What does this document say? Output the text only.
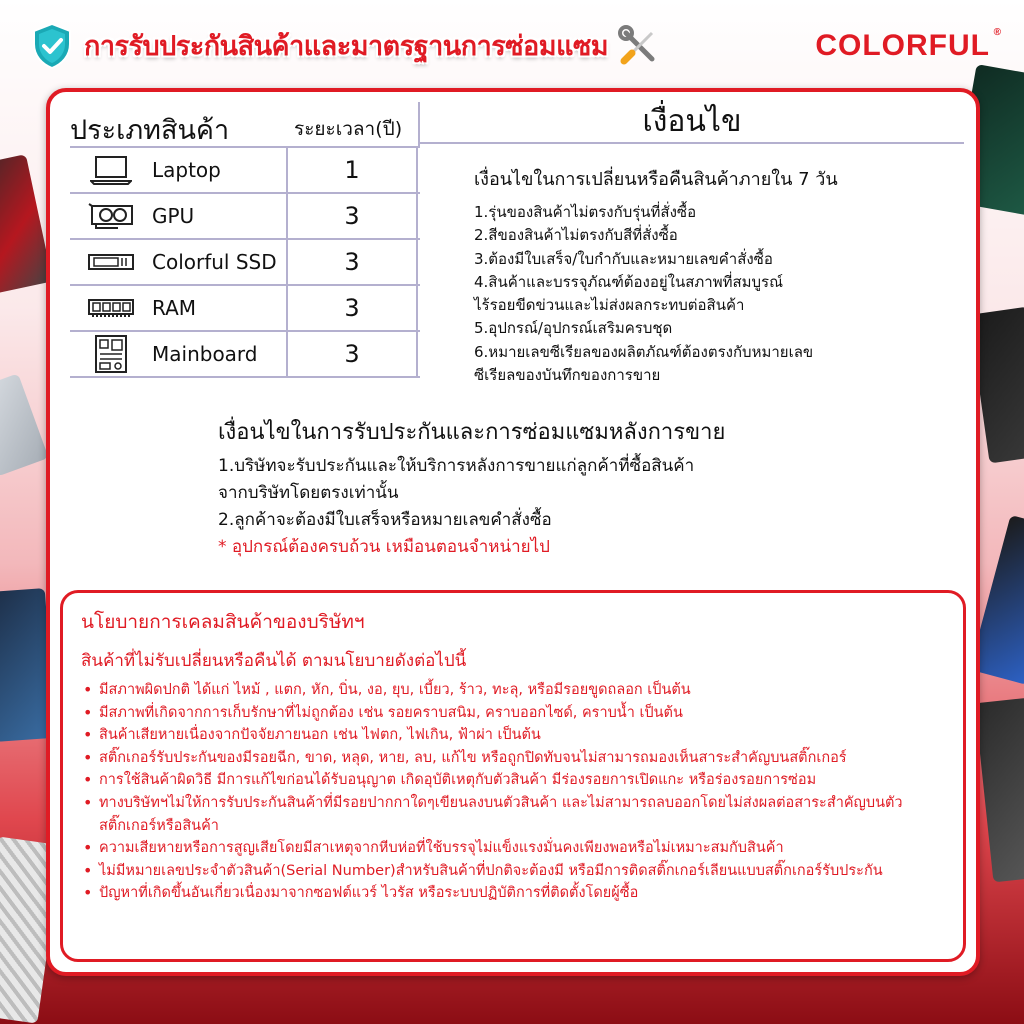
การรับประกันสินค้าและมาตรฐานการซ่อมแซม	COLORFUL ®
ประเภทสินค้า	ระยะเวลา(ปี)
Laptop	1
GPU	3
Colorful SSD	3
RAM	3
Mainboard	3
เงื่อนไข
เงื่อนไขในการเปลี่ยนหรือคืนสินค้าภายใน 7 วัน
1.รุ่นของสินค้าไม่ตรงกับรุ่นที่สั่งซื้อ
2.สีของสินค้าไม่ตรงกับสีที่สั่งซื้อ
3.ต้องมีใบเสร็จ/ใบกำกับและหมายเลขคำสั่งซื้อ
4.สินค้าและบรรจุภัณฑ์ต้องอยู่ในสภาพที่สมบูรณ์
ไร้รอยขีดข่วนและไม่ส่งผลกระทบต่อสินค้า
5.อุปกรณ์/อุปกรณ์เสริมครบชุด
6.หมายเลขซีเรียลของผลิตภัณฑ์ต้องตรงกับหมายเลข
ซีเรียลของบันทึกของการขาย
เงื่อนไขในการรับประกันและการซ่อมแซมหลังการขาย
1.บริษัทจะรับประกันและให้บริการหลังการขายแก่ลูกค้าที่ซื้อสินค้า
จากบริษัทโดยตรงเท่านั้น
2.ลูกค้าจะต้องมีใบเสร็จหรือหมายเลขคำสั่งซื้อ
* อุปกรณ์ต้องครบถ้วน เหมือนตอนจำหน่ายไป
นโยบายการเคลมสินค้าของบริษัทฯ
สินค้าที่ไม่รับเปลี่ยนหรือคืนได้ ตามนโยบายดังต่อไปนี้
• มีสภาพผิดปกติ ได้แก่ ไหม้ , แตก, หัก, บิ่น, งอ, ยุบ, เบี้ยว, ร้าว, ทะลุ, หรือมีรอยขูดถลอก เป็นต้น
• มีสภาพที่เกิดจากการเก็บรักษาที่ไม่ถูกต้อง เช่น รอยคราบสนิม, คราบออกไซด์, คราบน้ำ เป็นต้น
• สินค้าเสียหายเนื่องจากปัจจัยภายนอก เช่น ไฟตก, ไฟเกิน, ฟ้าผ่า เป็นต้น
• สติ๊กเกอร์รับประกันของมีรอยฉีก, ขาด, หลุด, หาย, ลบ, แก้ไข หรือถูกปิดทับจนไม่สามารถมองเห็นสาระสำคัญบนสติ๊กเกอร์
• การใช้สินค้าผิดวิธี มีการแก้ไขก่อนได้รับอนุญาต เกิดอุบัติเหตุกับตัวสินค้า มีร่องรอยการเปิดแกะ หรือร่องรอยการซ่อม
• ทางบริษัทฯไม่ให้การรับประกันสินค้าที่มีรอยปากกาใดๆเขียนลงบนตัวสินค้า และไม่สามารถลบออกโดยไม่ส่งผลต่อสาระสำคัญบนตัวสติ๊กเกอร์หรือสินค้า
• ความเสียหายหรือการสูญเสียโดยมีสาเหตุจากหีบห่อที่ใช้บรรจุไม่แข็งแรงมั่นคงเพียงพอหรือไม่เหมาะสมกับสินค้า
• ไม่มีหมายเลขประจำตัวสินค้า(Serial Number)สำหรับสินค้าที่ปกติจะต้องมี หรือมีการติดสติ๊กเกอร์เลียนแบบสติ๊กเกอร์รับประกัน
• ปัญหาที่เกิดขึ้นอันเกี่ยวเนื่องมาจากซอฟต์แวร์ ไวรัส หรือระบบปฏิบัติการที่ติดตั้งโดยผู้ซื้อ
